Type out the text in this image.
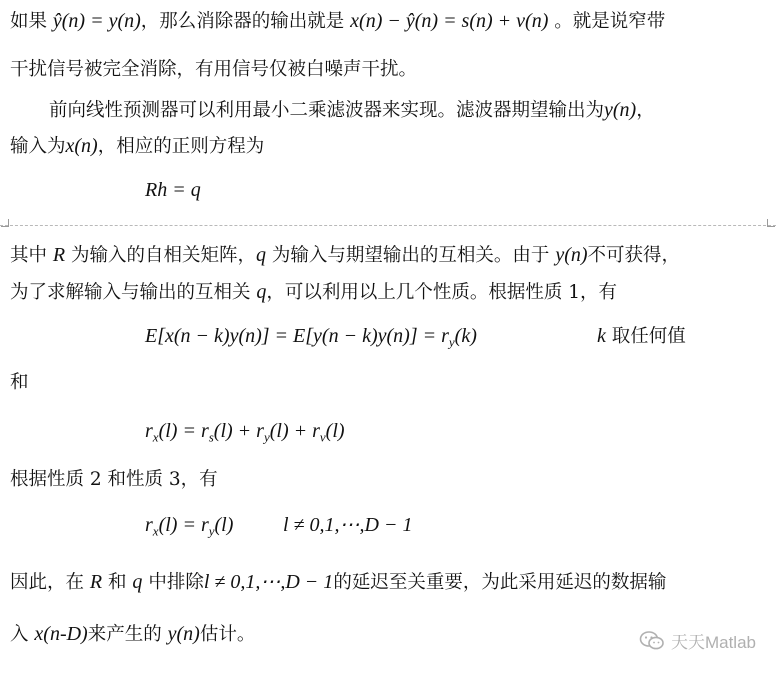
如果 ŷ(n) = y(n)，那么消除器的输出就是 x(n) − ŷ(n) = s(n) + v(n) 。就是说窄带
干扰信号被完全消除，有用信号仅被白噪声干扰。
前向线性预测器可以利用最小二乘滤波器来实现。滤波器期望输出为y(n)，
输入为x(n)，相应的正则方程为
Rh = q
其中 R 为输入的自相关矩阵，q 为输入与期望输出的互相关。由于 y(n)不可获得，
为了求解输入与输出的互相关 q，可以利用以上几个性质。根据性质 1，有
$E[x(n - k)y(n)] = E[y(n - k)y(n)] = r_y(k)$	k 取任何值
和
$r_x(l) = r_s(l) + r_y(l) + r_v(l)$
根据性质 2 和性质 3，有
$r_x(l) = r_y(l) l$ ≠ 0,1,⋯,D − 1
因此，在 R 和 q 中排除l ≠ 0,1,⋯,D − 1的延迟至关重要，为此采用延迟的数据输
入 x(n-D)来产生的 y(n)估计。	天天Matlab
